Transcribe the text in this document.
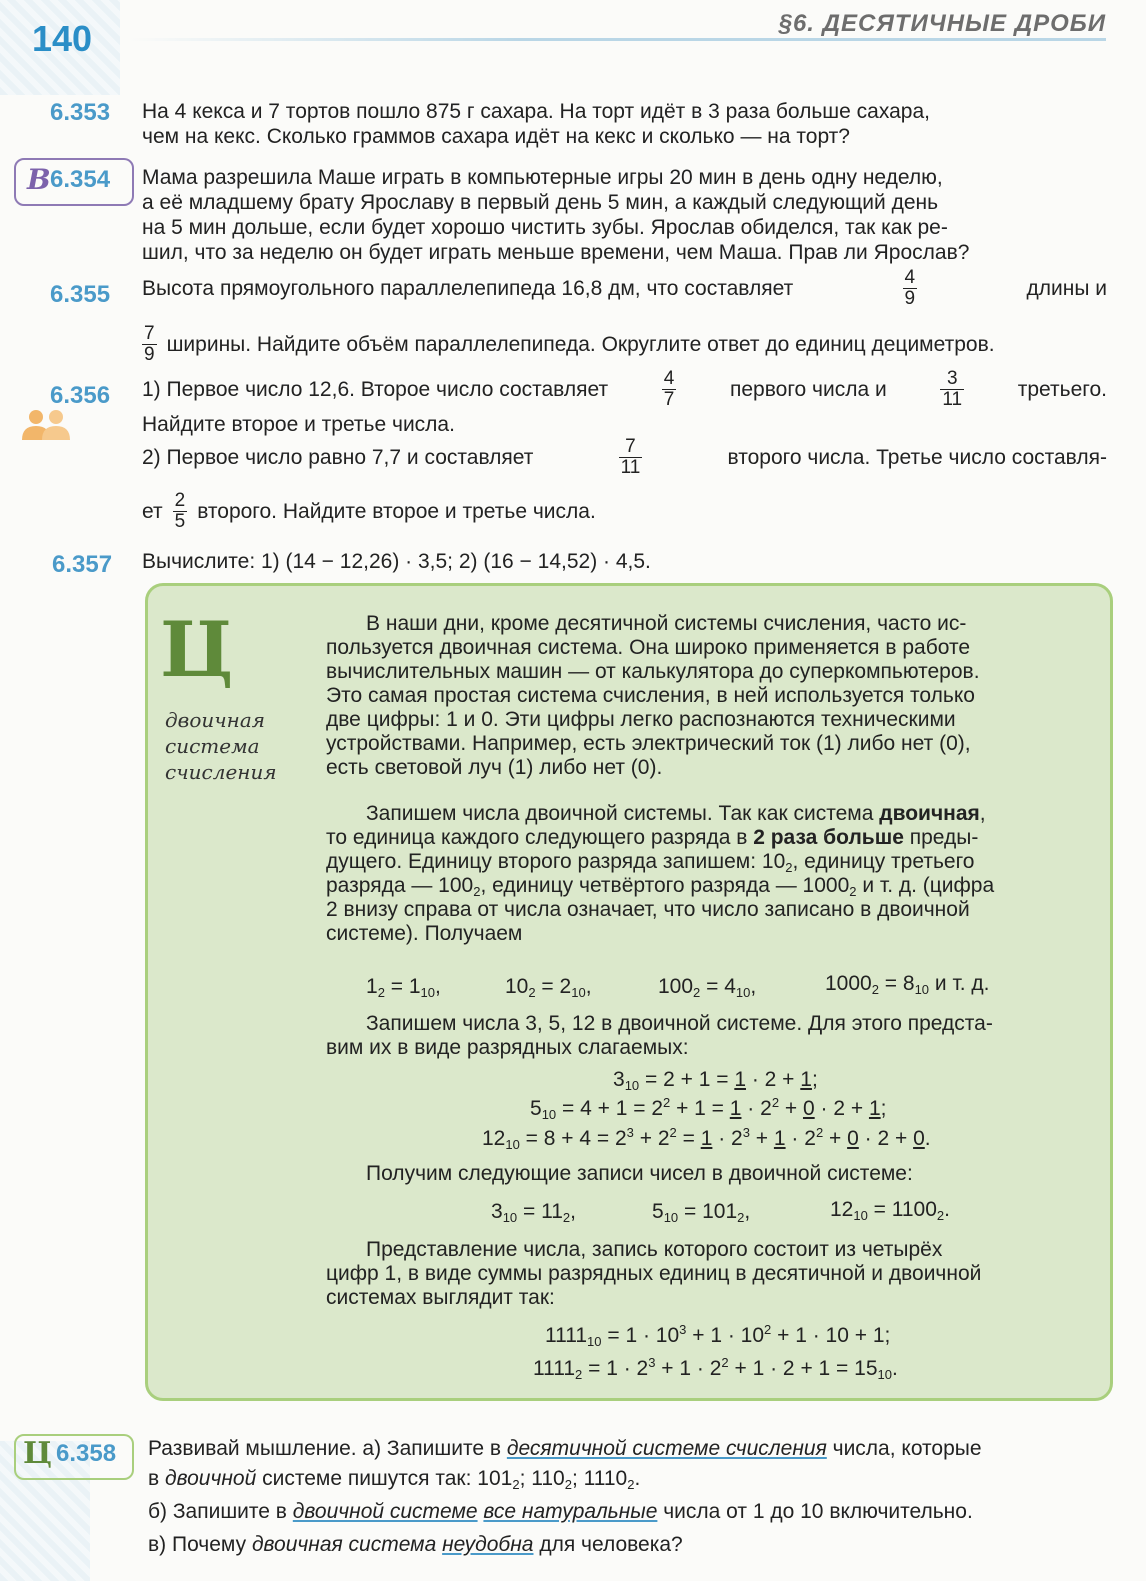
140	§6. ДЕСЯТИЧНЫЕ ДРОБИ
6.353 На 4 кекса и 7 тортов пошло 875 г сахара. На торт идёт в 3 раза больше сахара,
чем на кекс. Сколько граммов сахара идёт на кекс и сколько — на торт?
В 6.354 Мама разрешила Маше играть в компьютерные игры 20 мин в день одну неделю,
а её младшему брату Ярославу в первый день 5 мин, а каждый следующий день
на 5 мин дольше, если будет хорошо чистить зубы. Ярослав обиделся, так как ре-
шил, что за неделю он будет играть меньше времени, чем Маша. Прав ли Ярослав?
6.355 Высота прямоугольного параллелепипеда 16,8 дм, что составляет	$\frac{4}{9}$	длины и
$\frac{7}{9}$ ширины. Найдите объём параллелепипеда. Округлите ответ до единиц дециметров.
6.356 1) Первое число 12,6. Второе число составляет	$\frac{4}{7}$	первого числа и	$\frac{3}{11}$	третьего.
Найдите второе и третье числа.
2) Первое число равно 7,7 и составляет	$\frac{7}{11}$	второго числа. Третье число составля-
ет $\frac{2}{5}$ второго. Найдите второе и третье числа.
6.357 Вычислите: 1) (14 − 12,26) · 3,5; 2) (16 − 14,52) · 4,5.
Ц
двоичная
система
счисления
В наши дни, кроме десятичной системы счисления, часто ис-
пользуется двоичная система. Она широко применяется в работе
вычислительных машин — от калькулятора до суперкомпьютеров.
Это самая простая система счисления, в ней используется только
две цифры: 1 и 0. Эти цифры легко распознаются техническими
устройствами. Например, есть электрический ток (1) либо нет (0),
есть световой луч (1) либо нет (0).
Запишем числа двоичной системы. Так как система двоичная,
то единица каждого следующего разряда в 2 раза больше преды-
дущего. Единицу второго разряда запишем: $10_2$, единицу третьего
разряда — $100_2$, единицу четвёртого разряда — $1000_2$ и т. д. (цифра
2 внизу справа от числа означает, что число записано в двоичной
системе). Получаем
$1_2 = 1_{10}$,	$10_2 = 2_{10}$,	$100_2 = 4_{10}$,	$1000_2 = 8_{10}$ и т. д.
Запишем числа 3, 5, 12 в двоичной системе. Для этого предста-
вим их в виде разрядных слагаемых:
$3_{10} = 2 + 1 = 1 \cdot 2 + 1$;
$5_{10} = 4 + 1 = 2^2 + 1 = 1 \cdot 2^2 + 0 \cdot 2 + 1$;
$12_{10} = 8 + 4 = 2^3 + 2^2 = 1 \cdot 2^3 + 1 \cdot 2^2 + 0 \cdot 2 + 0$.
Получим следующие записи чисел в двоичной системе:
$3_{10} = 11_2$,	$5_{10} = 101_2$,	$12_{10} = 1100_2$.
Представление числа, запись которого состоит из четырёх
цифр 1, в виде суммы разрядных единиц в десятичной и двоичной
системах выглядит так:
$1111_{10} = 1 \cdot 10^3 + 1 \cdot 10^2 + 1 \cdot 10 + 1$;
$1111_2 = 1 \cdot 2^3 + 1 \cdot 2^2 + 1 \cdot 2 + 1 = 15_{10}$.
Ц 6.358 Развивай мышление. а) Запишите в десятичной системе счисления числа, которые
в двоичной системе пишутся так: $101_2$; $110_2$; $1110_2$.
б) Запишите в двоичной системе все натуральные числа от 1 до 10 включительно.
в) Почему двоичная система неудобна для человека?
